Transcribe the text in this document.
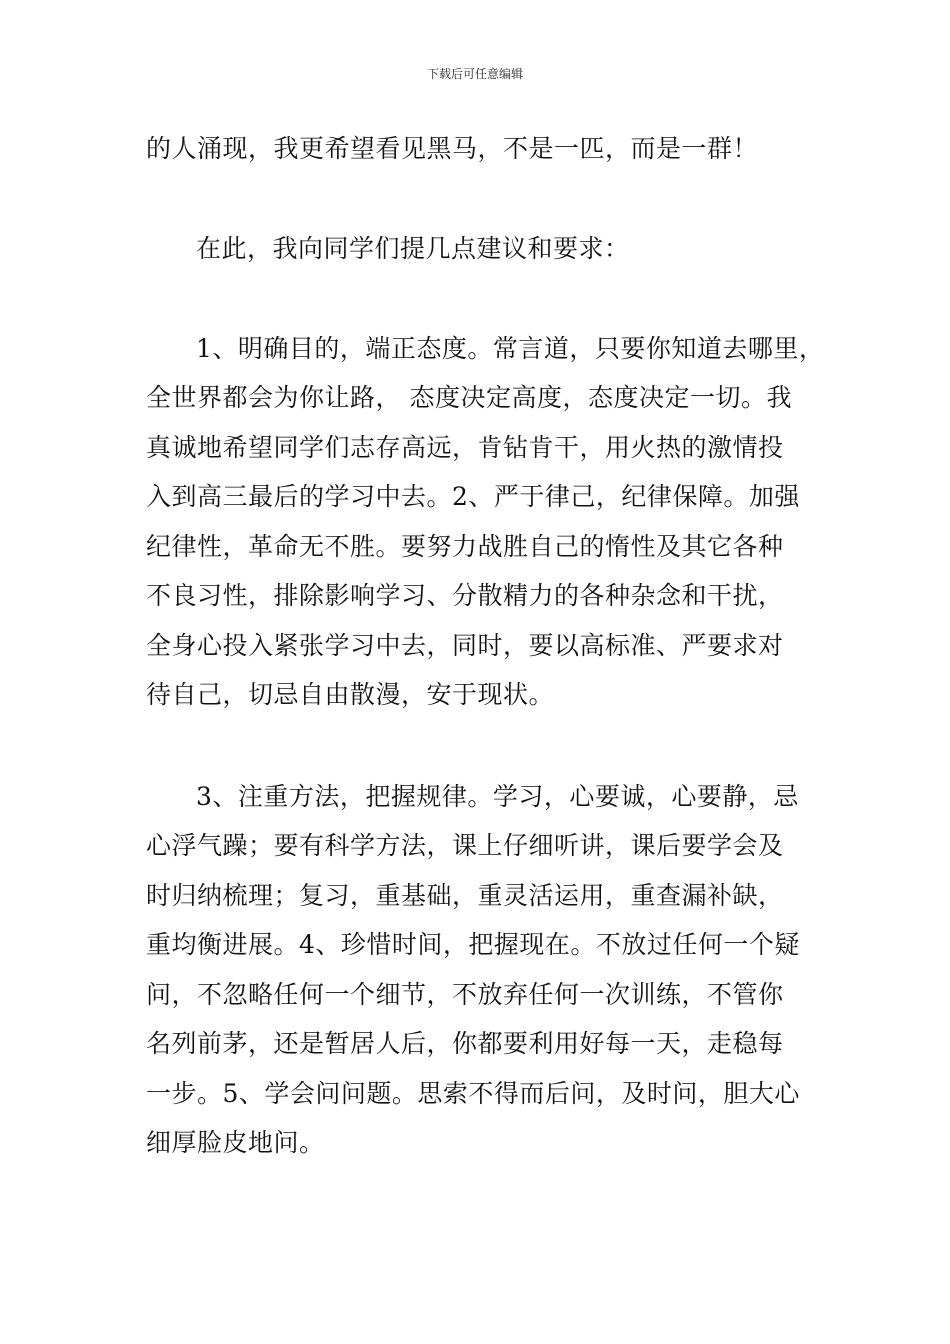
下载后可任意编辑
的人涌现，我更希望看见黑马，不是一匹，而是一群！
在此，我向同学们提几点建议和要求：
1、明确目的，端正态度。常言道，只要你知道去哪里，
全世界都会为你让路， 态度决定高度，态度决定一切。我
真诚地希望同学们志存高远，肯钻肯干，用火热的激情投
入到高三最后的学习中去。2、严于律己，纪律保障。加强
纪律性，革命无不胜。要努力战胜自己的惰性及其它各种
不良习性，排除影响学习、分散精力的各种杂念和干扰，
全身心投入紧张学习中去，同时，要以高标准、严要求对
待自己，切忌自由散漫，安于现状。
3、注重方法，把握规律。学习，心要诚，心要静，忌
心浮气躁；要有科学方法，课上仔细听讲，课后要学会及
时归纳梳理；复习，重基础，重灵活运用，重查漏补缺，
重均衡进展。4、珍惜时间，把握现在。不放过任何一个疑
问，不忽略任何一个细节，不放弃任何一次训练，不管你
名列前茅，还是暂居人后，你都要利用好每一天，走稳每
一步。5、学会问问题。思索不得而后问，及时问，胆大心
细厚脸皮地问。
